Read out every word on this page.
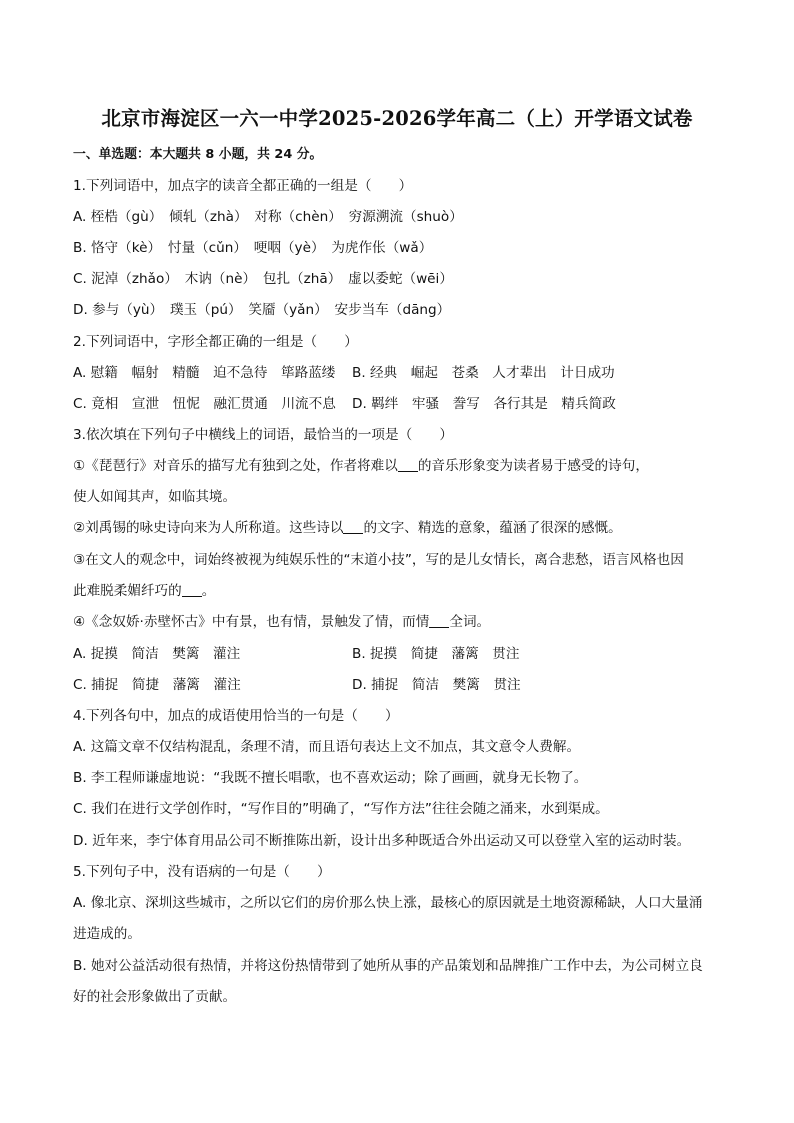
北京市海淀区一六一中学2025-2026学年高二（上）开学语文试卷
一、单选题：本大题共 8 小题，共 24 分。
1.下列词语中，加点字的读音全都正确的一组是（　　）
A. 桎梏（gù）　倾轧（zhà）　对称（chèn）　穷源溯流（shuò）
B. 恪守（kè）　忖量（cǔn）　哽咽（yè）　为虎作伥（wǎ）
C. 泥淖（zhǎo）　木讷（nè）　包扎（zhā）　虚以委蛇（wēi）
D. 参与（yù）　璞玉（pú）　笑靥（yǎn）　安步当车（dāng）
2.下列词语中，字形全都正确的一组是（　　）
A. 慰籍　幅射　精髓　迫不急待　筚路蓝缕 B. 经典　崛起　苍桑　人才辈出　计日成功
C. 竟相　宣泄　忸怩　融汇贯通　川流不息 D. 羁绊　牢骚　誊写　各行其是　精兵简政
3.依次填在下列句子中横线上的词语，最恰当的一项是（　　）
①《琵琶行》对音乐的描写尤有独到之处，作者将难以 的音乐形象变为读者易于感受的诗句，
使人如闻其声，如临其境。
②刘禹锡的咏史诗向来为人所称道。这些诗以 的文字、精选的意象，蕴涵了很深的感慨。
③在文人的观念中，词始终被视为纯娱乐性的“末道小技”，写的是儿女情长，离合悲愁，语言风格也因
此难脱柔媚纤巧的 。
④《念奴娇·赤壁怀古》中有景，也有情，景触发了情，而情 全词。
A. 捉摸　简洁　樊篱　灌注	B. 捉摸　简捷　藩篱　贯注
C. 捕捉　简捷　藩篱　灌注	D. 捕捉　简洁　樊篱　贯注
4.下列各句中，加点的成语使用恰当的一句是（　　）
A. 这篇文章不仅结构混乱，条理不清，而且语句表达上文不加点，其文意令人费解。
B. 李工程师谦虚地说：“我既不擅长唱歌，也不喜欢运动；除了画画，就身无长物了。
C. 我们在进行文学创作时，“写作目的”明确了，“写作方法”往往会随之涌来，水到渠成。
D. 近年来，李宁体育用品公司不断推陈出新，设计出多种既适合外出运动又可以登堂入室的运动时装。
5.下列句子中，没有语病的一句是（　　）
A. 像北京、深圳这些城市，之所以它们的房价那么快上涨，最核心的原因就是土地资源稀缺，人口大量涌
进造成的。
B. 她对公益活动很有热情，并将这份热情带到了她所从事的产品策划和品牌推广工作中去，为公司树立良
好的社会形象做出了贡献。
